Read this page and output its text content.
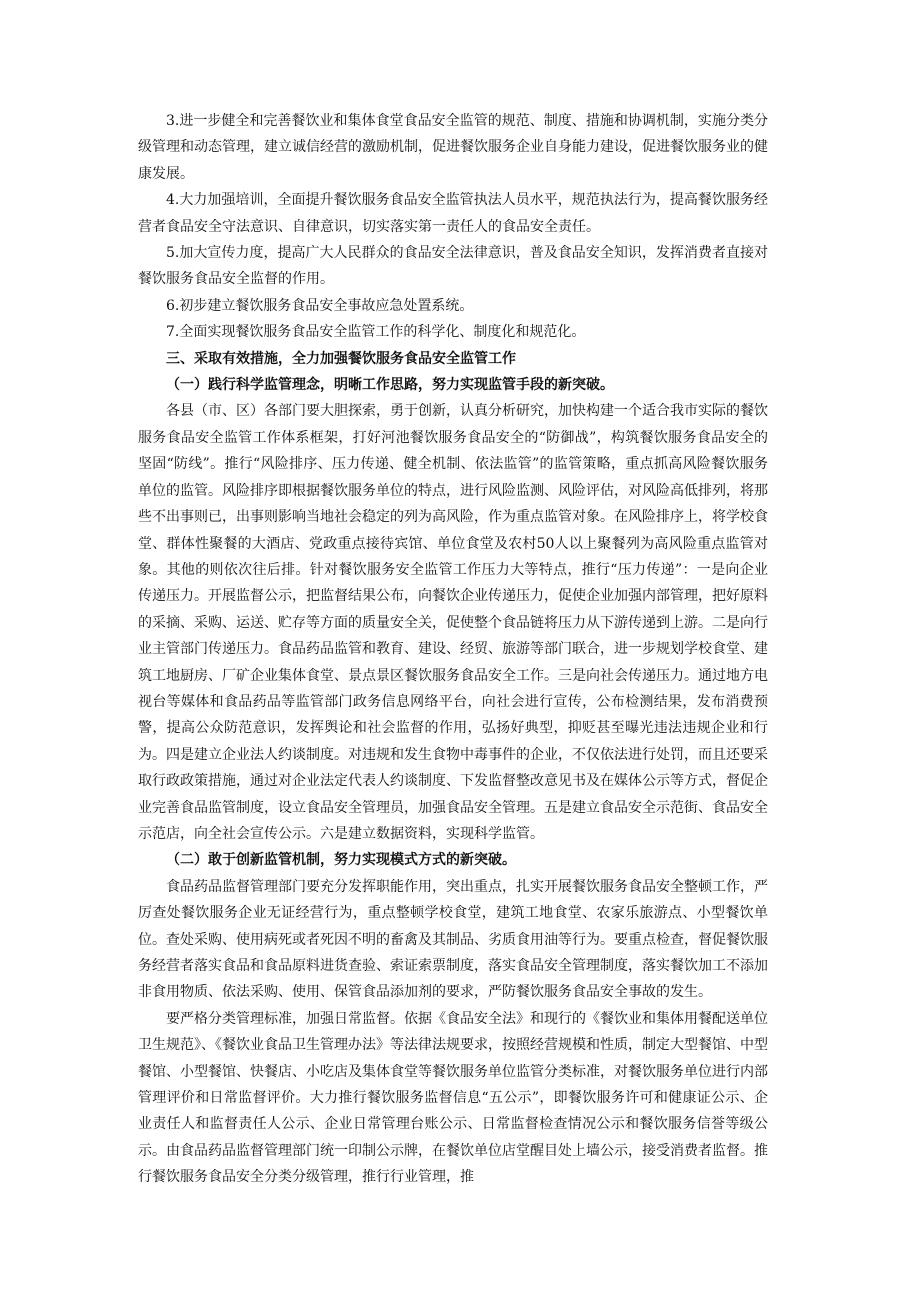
3.进一步健全和完善餐饮业和集体食堂食品安全监管的规范、制度、措施和协调机制，实施分类分级管理和动态管理，建立诚信经营的激励机制，促进餐饮服务企业自身能力建设，促进餐饮服务业的健康发展。

4.大力加强培训，全面提升餐饮服务食品安全监管执法人员水平，规范执法行为，提高餐饮服务经营者食品安全守法意识、自律意识，切实落实第一责任人的食品安全责任。

5.加大宣传力度，提高广大人民群众的食品安全法律意识，普及食品安全知识，发挥消费者直接对餐饮服务食品安全监督的作用。

6.初步建立餐饮服务食品安全事故应急处置系统。

7.全面实现餐饮服务食品安全监管工作的科学化、制度化和规范化。

三、采取有效措施，全力加强餐饮服务食品安全监管工作

（一）践行科学监管理念，明晰工作思路，努力实现监管手段的新突破。

各县（市、区）各部门要大胆探索，勇于创新，认真分析研究，加快构建一个适合我市实际的餐饮服务食品安全监管工作体系框架，打好河池餐饮服务食品安全的“防御战”，构筑餐饮服务食品安全的坚固“防线”。推行“风险排序、压力传递、健全机制、依法监管”的监管策略，重点抓高风险餐饮服务单位的监管。风险排序即根据餐饮服务单位的特点，进行风险监测、风险评估，对风险高低排列，将那些不出事则已，出事则影响当地社会稳定的列为高风险，作为重点监管对象。在风险排序上，将学校食堂、群体性聚餐的大酒店、党政重点接待宾馆、单位食堂及农村50人以上聚餐列为高风险重点监管对象。其他的则依次往后排。针对餐饮服务安全监管工作压力大等特点，推行“压力传递”：一是向企业传递压力。开展监督公示，把监督结果公布，向餐饮企业传递压力，促使企业加强内部管理，把好原料的采摘、采购、运送、贮存等方面的质量安全关，促使整个食品链将压力从下游传递到上游。二是向行业主管部门传递压力。食品药品监管和教育、建设、经贸、旅游等部门联合，进一步规划学校食堂、建筑工地厨房、厂矿企业集体食堂、景点景区餐饮服务食品安全工作。三是向社会传递压力。通过地方电视台等媒体和食品药品等监管部门政务信息网络平台，向社会进行宣传，公布检测结果，发布消费预警，提高公众防范意识，发挥舆论和社会监督的作用，弘扬好典型，抑贬甚至曝光违法违规企业和行为。四是建立企业法人约谈制度。对违规和发生食物中毒事件的企业，不仅依法进行处罚，而且还要采取行政政策措施，通过对企业法定代表人约谈制度、下发监督整改意见书及在媒体公示等方式，督促企业完善食品监管制度，设立食品安全管理员，加强食品安全管理。五是建立食品安全示范街、食品安全示范店，向全社会宣传公示。六是建立数据资料，实现科学监管。

（二）敢于创新监管机制，努力实现模式方式的新突破。

食品药品监督管理部门要充分发挥职能作用，突出重点，扎实开展餐饮服务食品安全整顿工作，严厉查处餐饮服务企业无证经营行为，重点整顿学校食堂，建筑工地食堂、农家乐旅游点、小型餐饮单位。查处采购、使用病死或者死因不明的畜禽及其制品、劣质食用油等行为。要重点检查，督促餐饮服务经营者落实食品和食品原料进货查验、索证索票制度，落实食品安全管理制度，落实餐饮加工不添加非食用物质、依法采购、使用、保管食品添加剂的要求，严防餐饮服务食品安全事故的发生。

要严格分类管理标准，加强日常监督。依据《食品安全法》和现行的《餐饮业和集体用餐配送单位卫生规范》、《餐饮业食品卫生管理办法》等法律法规要求，按照经营规模和性质，制定大型餐馆、中型餐馆、小型餐馆、快餐店、小吃店及集体食堂等餐饮服务单位监管分类标准，对餐饮服务单位进行内部管理评价和日常监督评价。大力推行餐饮服务监督信息“五公示”，即餐饮服务许可和健康证公示、企业责任人和监督责任人公示、企业日常管理台账公示、日常监督检查情况公示和餐饮服务信誉等级公示。由食品药品监督管理部门统一印制公示牌，在餐饮单位店堂醒目处上墙公示，接受消费者监督。推行餐饮服务食品安全分类分级管理，推行行业管理，推
